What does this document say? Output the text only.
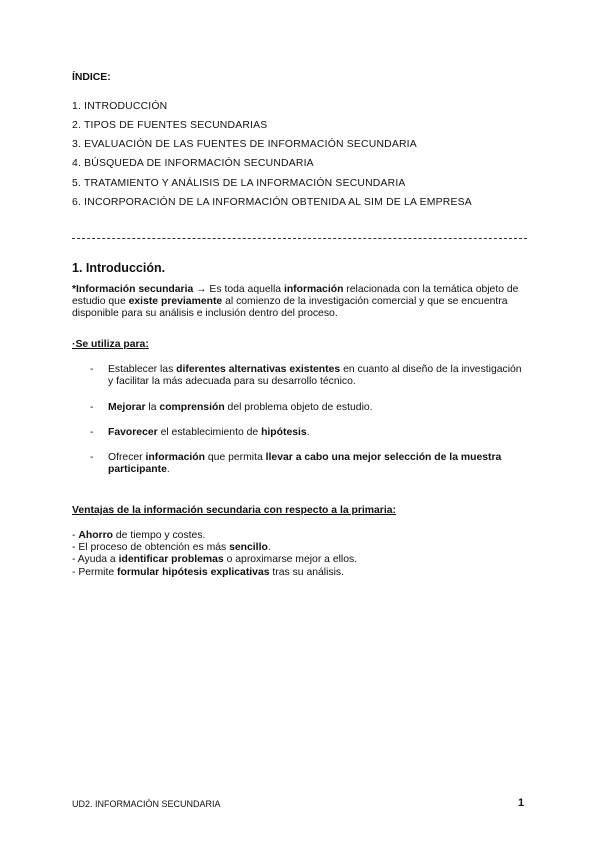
ÍNDICE:
1. INTRODUCCIÓN
2. TIPOS DE FUENTES SECUNDARIAS
3. EVALUACIÓN DE LAS FUENTES DE INFORMACIÓN SECUNDARIA
4. BÚSQUEDA DE INFORMACIÓN SECUNDARIA
5. TRATAMIENTO Y ANÁLISIS DE LA INFORMACIÓN SECUNDARIA
6. INCORPORACIÓN DE LA INFORMACIÓN OBTENIDA AL SIM DE LA EMPRESA
1. Introducción.
*Información secundaria → Es toda aquella información relacionada con la temática objeto de estudio que existe previamente al comienzo de la investigación comercial y que se encuentra disponible para su análisis e inclusión dentro del proceso.
·Se utiliza para:
- Establecer las diferentes alternativas existentes en cuanto al diseño de la investigación y facilitar la más adecuada para su desarrollo técnico.
- Mejorar la comprensión del problema objeto de estudio.
- Favorecer el establecimiento de hipótesis.
- Ofrecer información que permita llevar a cabo una mejor selección de la muestra participante.
Ventajas de la información secundaria con respecto a la primaria:
- Ahorro de tiempo y costes.
- El proceso de obtención es más sencillo.
- Ayuda a identificar problemas o aproximarse mejor a ellos.
- Permite formular hipótesis explicativas tras su análisis.
UD2. INFORMACIÓN SECUNDARIA	1
